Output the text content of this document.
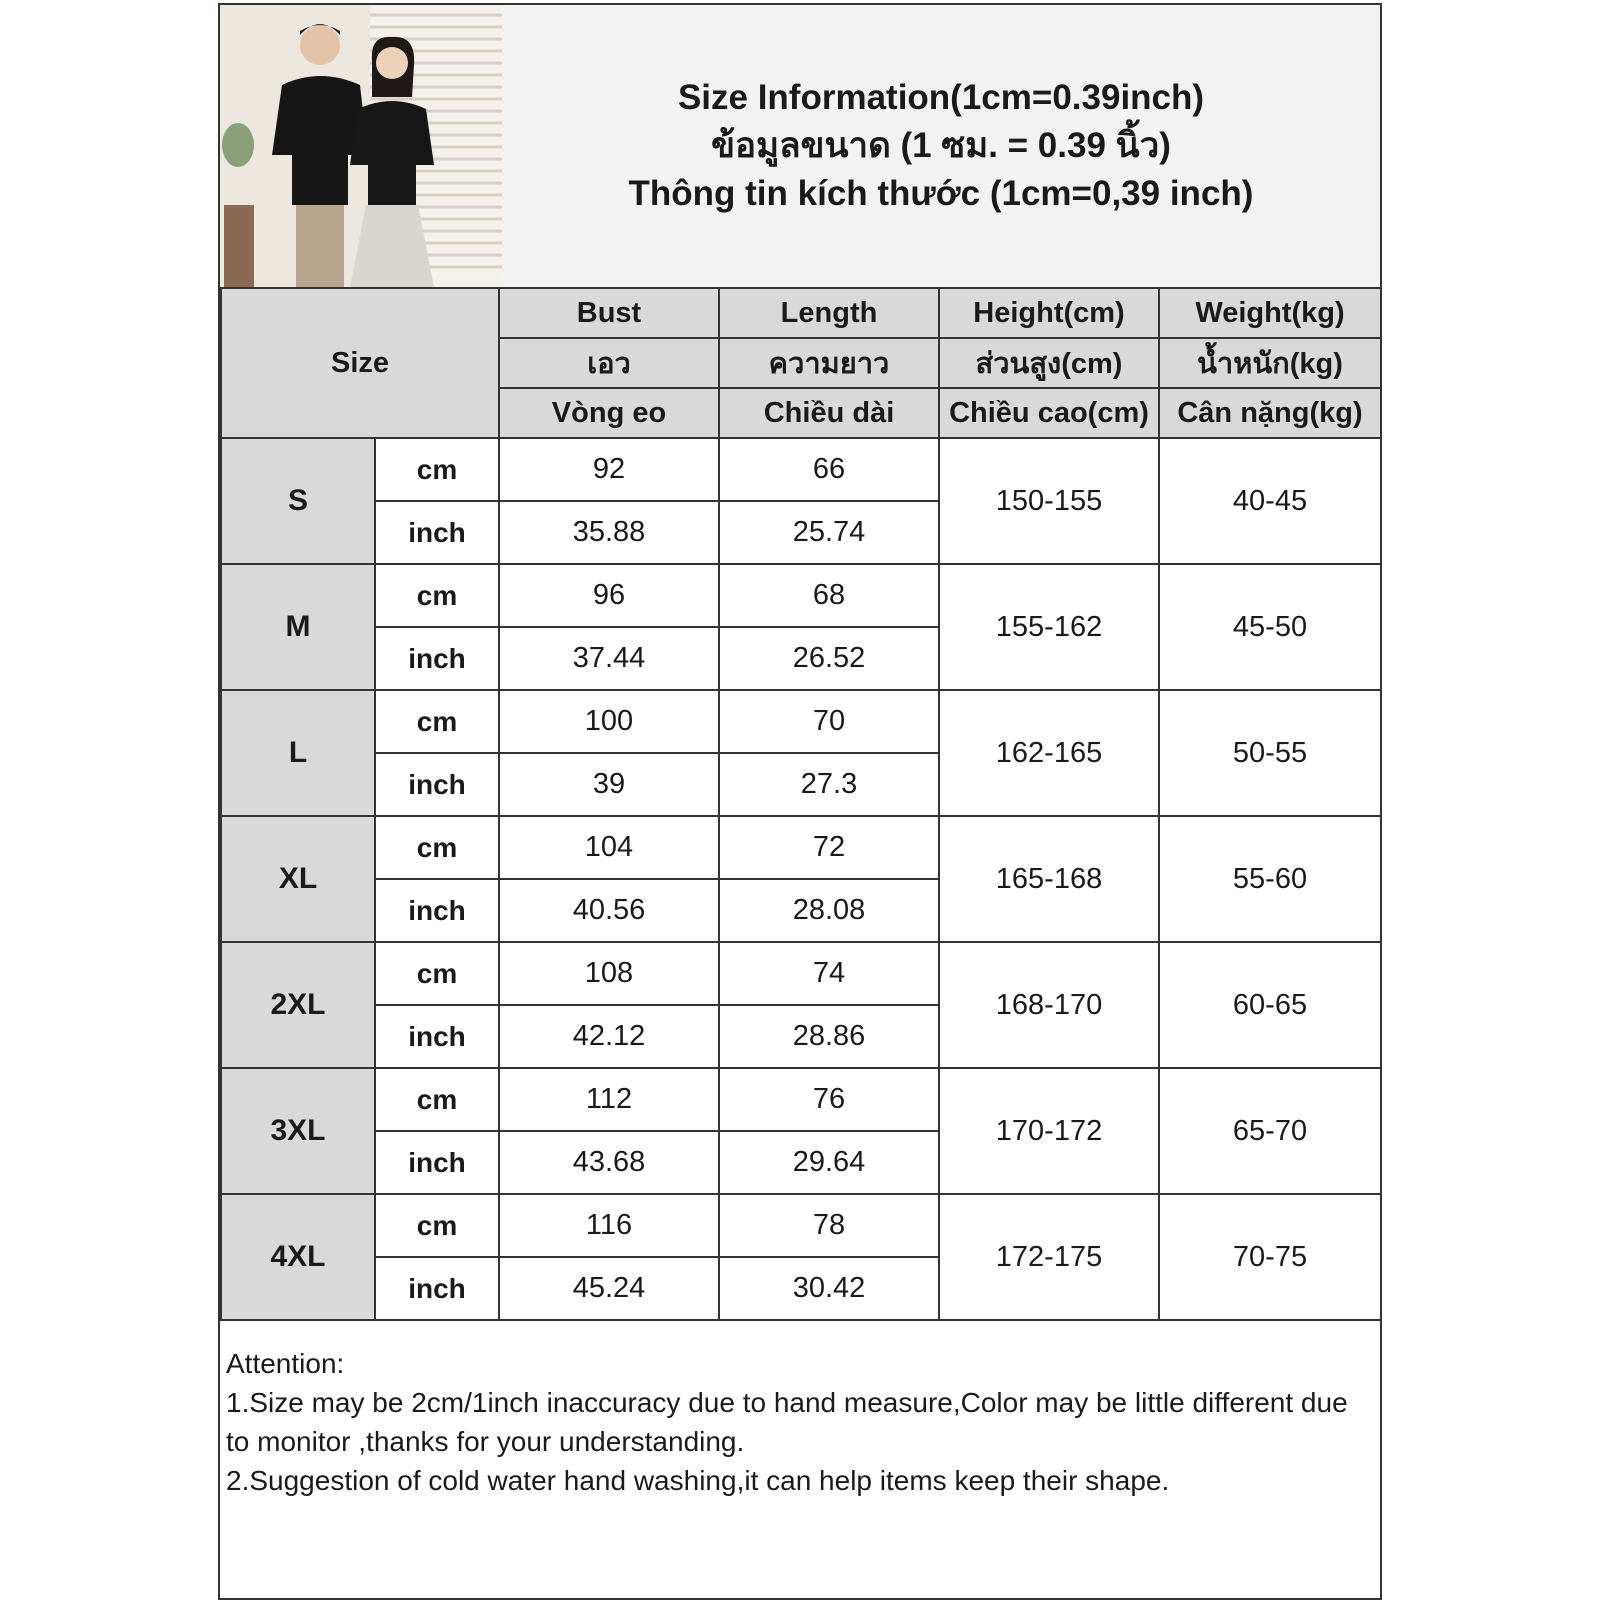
Size Information(1cm=0.39inch)
ข้อมูลขนาด (1 ซม. = 0.39 นิ้ว)
Thông tin kích thước (1cm=0,39 inch)
Size		Bust	Length	Height(cm)	Weight(kg)
		เอว	ความยาว	ส่วนสูง(cm)	น้ำหนัก(kg)
		Vòng eo	Chiều dài	Chiều cao(cm)	Cân nặng(kg)
S	cm	92	66	150-155	40-45
	inch	35.88	25.74		
M	cm	96	68	155-162	45-50
	inch	37.44	26.52		
L	cm	100	70	162-165	50-55
	inch	39	27.3		
XL	cm	104	72	165-168	55-60
	inch	40.56	28.08		
2XL	cm	108	74	168-170	60-65
	inch	42.12	28.86		
3XL	cm	112	76	170-172	65-70
	inch	43.68	29.64		
4XL	cm	116	78	172-175	70-75
	inch	45.24	30.42		
Attention:
1.Size may be 2cm/1inch inaccuracy due to hand measure,Color may be little different due to monitor ,thanks for your understanding.
2.Suggestion of cold water hand washing,it can help items keep their shape.
